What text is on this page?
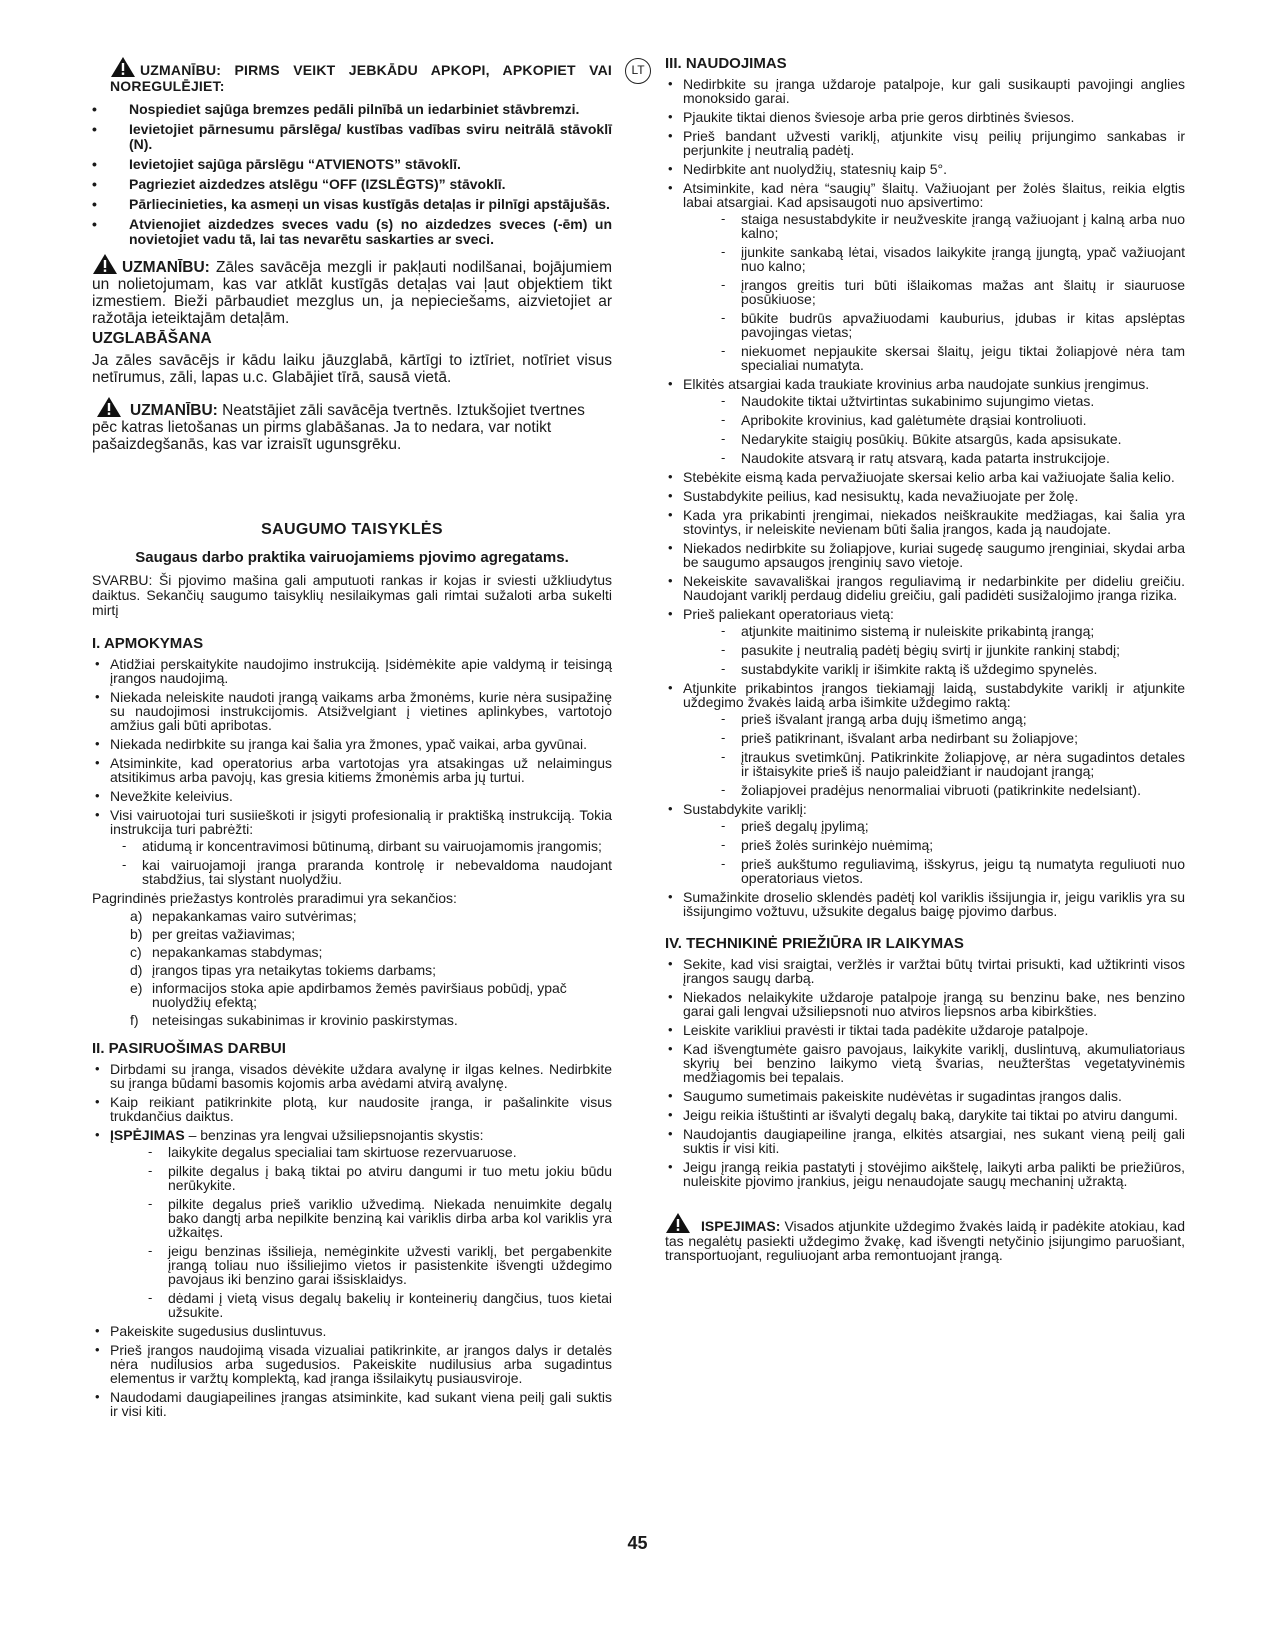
UZMANĪBU: PIRMS VEIKT JEBKĀDU APKOPI, APKOPIET VAI NOREGULĒJIET:

• Nospiediet sajūga bremzes pedāli pilnībā un iedarbiniet stāvbremzi.
• Ievietojiet pārnesumu pārslēga/ kustības vadības sviru neitrālā stāvoklī (N).
• Ievietojiet sajūga pārslēgu “ATVIENOTS” stāvoklī.
• Pagrieziet aizdedzes atslēgu “OFF (IZSLĒGTS)” stāvoklī.
• Pārliecinieties, ka asmeņi un visas kustīgās detaļas ir pilnīgi apstājušās.
• Atvienojiet aizdedzes sveces vadu (s) no aizdedzes sveces (-ēm) un novietojiet vadu tā, lai tas nevarētu saskarties ar sveci.

UZMANĪBU: Zāles savācēja mezgli ir pakļauti nodilšanai, bojājumiem un nolietojumam, kas var atklāt kustīgās detaļas vai ļaut objektiem tikt izmestiem. Bieži pārbaudiet mezglus un, ja nepieciešams, aizvietojiet ar ražotāja ieteiktajām detaļām.

UZGLABĀŠANA

Ja zāles savācējs ir kādu laiku jāuzglabā, kārtīgi to iztīriet, notīriet visus netīrumus, zāli, lapas u.c. Glabājiet tīrā, sausā vietā.

UZMANĪBU: Neatstājiet zāli savācēja tvertnēs. Iztukšojiet tvertnes pēc katras lietošanas un pirms glabāšanas. Ja to nedara, var notikt pašaizdegšanās, kas var izraisīt ugunsgrēku.

SAUGUMO TAISYKLĖS
Saugaus darbo praktika vairuojamiems pjovimo agregatams.

SVARBU: Ši pjovimo mašina gali amputuoti rankas ir kojas ir sviesti užkliudytus daiktus. Sekančių saugumo taisyklių nesilaikymas gali rimtai sužaloti arba sukelti mirtį

I. APMOKYMAS
• Atidžiai perskaitykite naudojimo instrukciją. Įsidėmėkite apie valdymą ir teisingą įrangos naudojimą.
• Niekada neleiskite naudoti įrangą vaikams arba žmonėms, kurie nėra susipažinę su naudojimosi instrukcijomis. Atsižvelgiant į vietines aplinkybes, vartotojo amžius gali būti apribotas.
• Niekada nedirbkite su įranga kai šalia yra žmones, ypač vaikai, arba gyvūnai.
• Atsiminkite, kad operatorius arba vartotojas yra atsakingas už nelaimingus atsitikimus arba pavojų, kas gresia kitiems žmonėmis arba jų turtui.
• Nevežkite keleivius.
• Visi vairuotojai turi susiieškoti ir įsigyti profesionalią ir praktišką instrukciją. Tokia instrukcija turi pabrėžti:
- atidumą ir koncentravimosi būtinumą, dirbant su vairuojamomis įrangomis;
- kai vairuojamoji įranga praranda kontrolę ir nebevaldoma naudojant stabdžius, tai slystant nuolydžiu.

Pagrindinės priežastys kontrolės praradimui yra sekančios:

a) nepakankamas vairo sutvėrimas;
b) per greitas važiavimas;
c) nepakankamas stabdymas;
d) įrangos tipas yra netaikytas tokiems darbams;
e) informacijos stoka apie apdirbamos žemės paviršiaus pobūdį, ypač nuolydžių efektą;
f) neteisingas sukabinimas ir krovinio paskirstymas.
II. PASIRUOŠIMAS DARBUI
• Dirbdami su įranga, visados dėvėkite uždara avalynę ir ilgas kelnes. Nedirbkite su įranga būdami basomis kojomis arba avėdami atvirą avalynę.
• Kaip reikiant patikrinkite plotą, kur naudosite įranga, ir pašalinkite visus trukdančius daiktus.
• ĮSPĖJIMAS – benzinas yra lengvai užsiliepsnojantis skystis:
- laikykite degalus specialiai tam skirtuose rezervuaruose.
- pilkite degalus į baką tiktai po atviru dangumi ir tuo metu jokiu būdu nerūkykite.
- pilkite degalus prieš variklio užvedimą. Niekada nenuimkite degalų bako dangtį arba nepilkite benziną kai variklis dirba arba kol variklis yra užkaitęs.
- jeigu benzinas išsilieja, nemėginkite užvesti variklį, bet pergabenkite įrangą toliau nuo išsiliejimo vietos ir pasistenkite išvengti uždegimo pavojaus iki benzino garai išsisklaidys.
- dėdami į vietą visus degalų bakelių ir konteinerių dangčius, tuos kietai užsukite.
• Pakeiskite sugedusius duslintuvus.
• Prieš įrangos naudojimą visada vizualiai patikrinkite, ar įrangos dalys ir detalės nėra nudilusios arba sugedusios. Pakeiskite nudilusius arba sugadintus elementus ir varžtų komplektą, kad įranga išsilaikytų pusiausviroje.
• Naudodami daugiapeilines įrangas atsiminkite, kad sukant viena peilį gali suktis ir visi kiti.
LT	III. NAUDOJIMAS
• Nedirbkite su įranga uždaroje patalpoje, kur gali susikaupti pavojingi anglies monoksido garai.
• Pjaukite tiktai dienos šviesoje arba prie geros dirbtinės šviesos.
• Prieš bandant užvesti variklį, atjunkite visų peilių prijungimo sankabas ir perjunkite į neutralią padėtį.
• Nedirbkite ant nuolydžių, statesnių kaip 5°.
• Atsiminkite, kad nėra “saugių” šlaitų. Važiuojant per žolės šlaitus, reikia elgtis labai atsargiai. Kad apsisaugoti nuo apsivertimo:
- staiga nesustabdykite ir neužveskite įrangą važiuojant į kalną arba nuo kalno;
- įjunkite sankabą lėtai, visados laikykite įrangą įjungtą, ypač važiuojant nuo kalno;
- įrangos greitis turi būti išlaikomas mažas ant šlaitų ir siauruose posūkiuose;
- būkite budrūs apvažiuodami kauburius, įdubas ir kitas apslėptas pavojingas vietas;
- niekuomet nepjaukite skersai šlaitų, jeigu tiktai žoliapjovė nėra tam specialiai numatyta.
• Elkitės atsargiai kada traukiate krovinius arba naudojate sunkius įrengimus.
- Naudokite tiktai užtvirtintas sukabinimo sujungimo vietas.
- Apribokite krovinius, kad galėtumėte drąsiai kontroliuoti.
- Nedarykite staigių posūkių. Būkite atsargūs, kada apsisukate.
- Naudokite atsvarą ir ratų atsvarą, kada patarta instrukcijoje.
• Stebėkite eismą kada pervažiuojate skersai kelio arba kai važiuojate šalia kelio.
• Sustabdykite peilius, kad nesisuktų, kada nevažiuojate per žolę.
• Kada yra prikabinti įrengimai, niekados neiškraukite medžiagas, kai šalia yra stovintys, ir neleiskite nevienam būti šalia įrangos, kada ją naudojate.
• Niekados nedirbkite su žoliapjove, kuriai sugedę saugumo įrenginiai, skydai arba be saugumo apsaugos įrenginių savo vietoje.
• Nekeiskite savavališkai įrangos reguliavimą ir nedarbinkite per dideliu greičiu. Naudojant variklį perdaug dideliu greičiu, gali padidėti susižalojimo įranga rizika.
• Prieš paliekant operatoriaus vietą:
- atjunkite maitinimo sistemą ir nuleiskite prikabintą įrangą;
- pasukite į neutralią padėtį bėgių svirtį ir įjunkite rankinį stabdį;
- sustabdykite variklį ir išimkite raktą iš uždegimo spynelės.
• Atjunkite prikabintos įrangos tiekiamąjį laidą, sustabdykite variklį ir atjunkite uždegimo žvakės laidą arba išimkite uždegimo raktą:
- prieš išvalant įrangą arba dujų išmetimo angą;
- prieš patikrinant, išvalant arba nedirbant su žoliapjove;
- įtraukus svetimkūnį. Patikrinkite žoliapjovę, ar nėra sugadintos detales ir ištaisykite prieš iš naujo paleidžiant ir naudojant įrangą;
- žoliapjovei pradėjus nenormaliai vibruoti (patikrinkite nedelsiant).
• Sustabdykite variklį:
- prieš degalų įpylimą;
- prieš žolės surinkėjo nuėmimą;
- prieš aukštumo reguliavimą, išskyrus, jeigu tą numatyta reguliuoti nuo operatoriaus vietos.
• Sumažinkite droselio sklendės padėtį kol variklis išsijungia ir, jeigu variklis yra su išsijungimo vožtuvu, užsukite degalus baigę pjovimo darbus.
IV. TECHNIKINĖ PRIEŽIŪRA IR LAIKYMAS
• Sekite, kad visi sraigtai, veržlės ir varžtai būtų tvirtai prisukti, kad užtikrinti visos įrangos saugų darbą.
• Niekados nelaikykite uždaroje patalpoje įrangą su benzinu bake, nes benzino garai gali lengvai užsiliepsnoti nuo atviros liepsnos arba kibirkšties.
• Leiskite varikliui pravėsti ir tiktai tada padėkite uždaroje patalpoje.
• Kad išvengtumėte gaisro pavojaus, laikykite variklį, duslintuvą, akumuliatoriaus skyrių bei benzino laikymo vietą švarias, neužterštas vegetatyvinėmis medžiagomis bei tepalais.
• Saugumo sumetimais pakeiskite nudėvėtas ir sugadintas įrangos dalis.
• Jeigu reikia ištuštinti ar išvalyti degalų baką, darykite tai tiktai po atviru dangumi.
• Naudojantis daugiapeiline įranga, elkitės atsargiai, nes sukant vieną peilį gali suktis ir visi kiti.
• Jeigu įrangą reikia pastatyti į stovėjimo aikštelę, laikyti arba palikti be priežiūros, nuleiskite pjovimo įrankius, jeigu nenaudojate saugų mechaninį užraktą.

ISPEJIMAS: Visados atjunkite uždegimo žvakės laidą ir padėkite atokiau, kad tas negalėtų pasiekti uždegimo žvakę, kad išvengti netyčinio įsijungimo paruošiant, transportuojant, reguliuojant arba remontuojant įrangą.

45
